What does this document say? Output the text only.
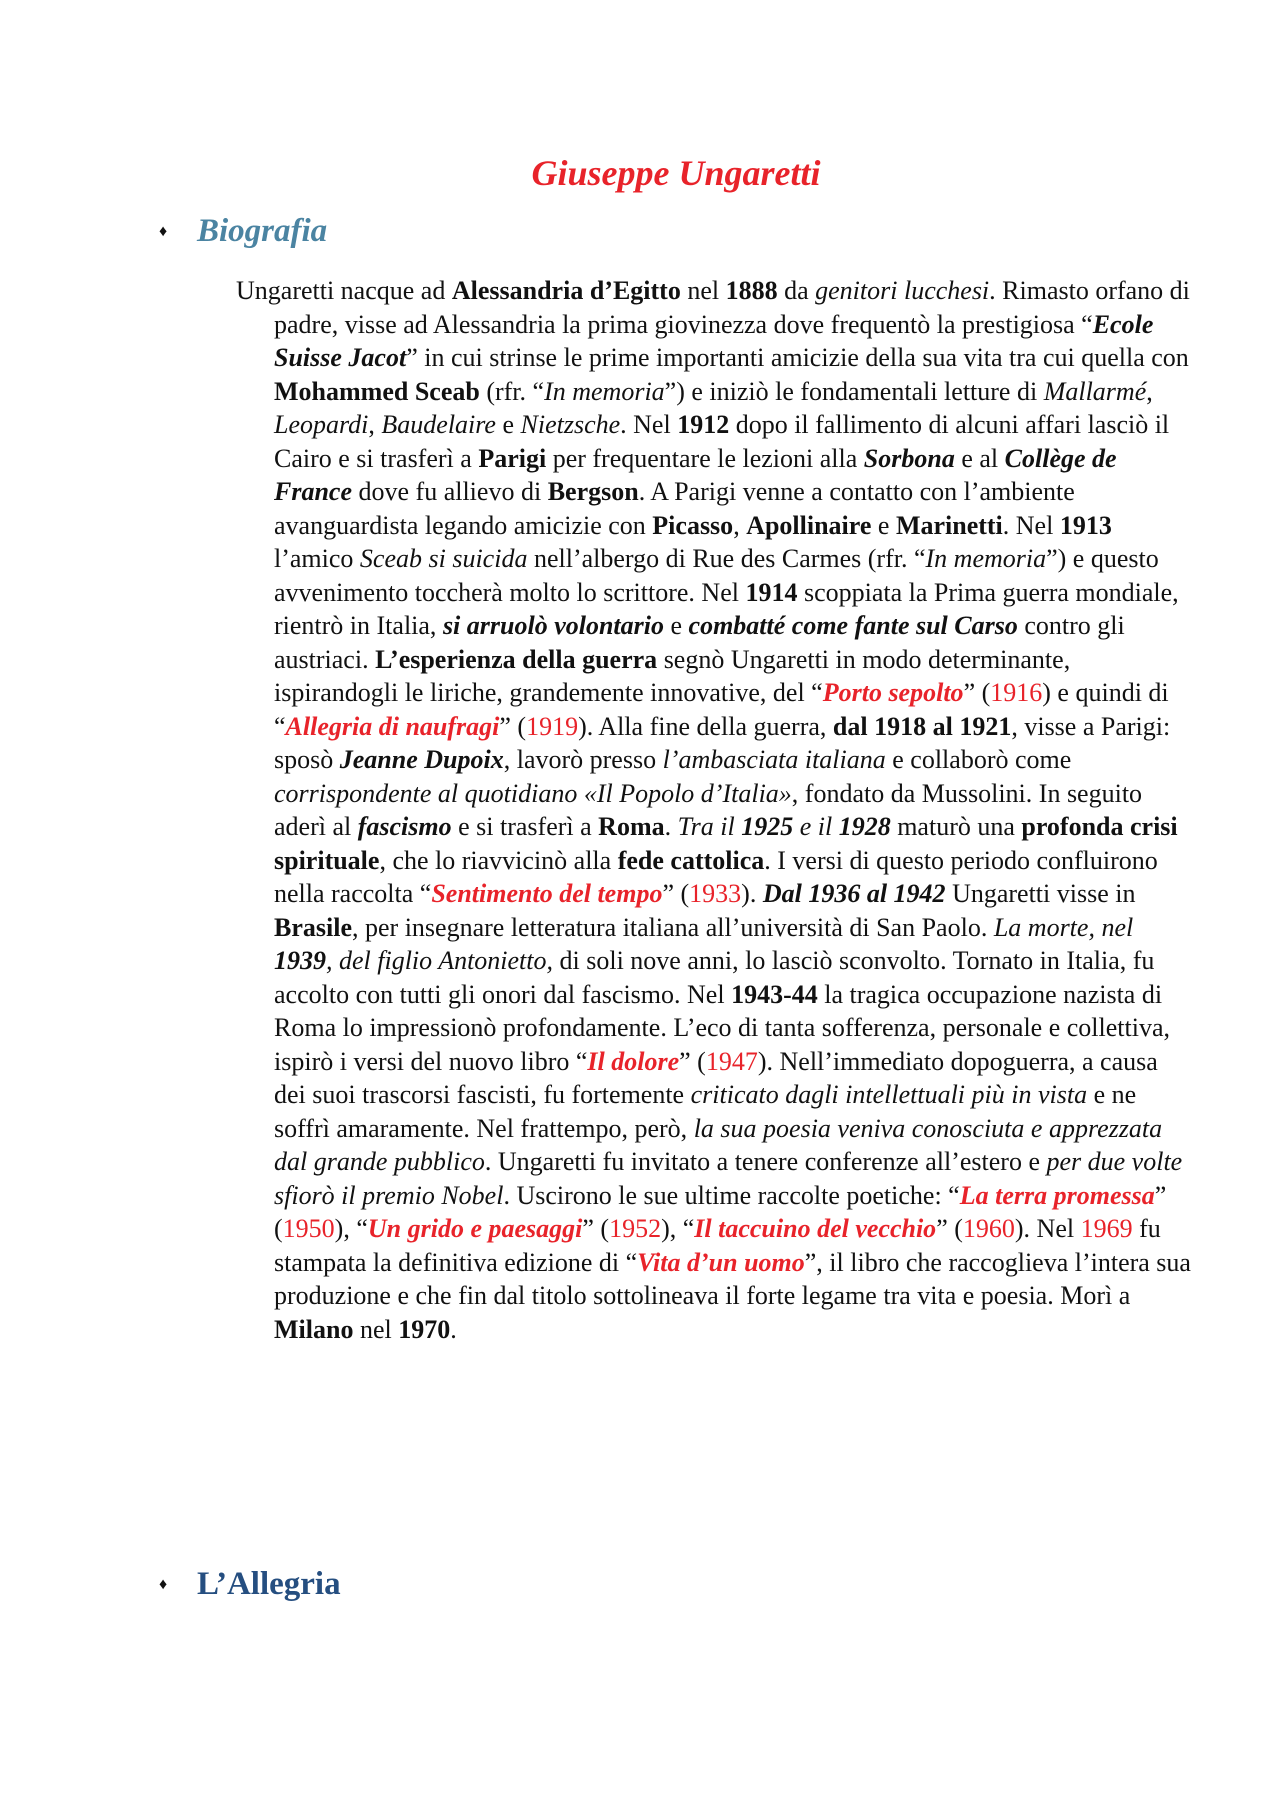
Giuseppe Ungaretti
♦ Biografia

Ungaretti nacque ad Alessandria d’Egitto nel 1888 da genitori lucchesi. Rimasto orfano di padre, visse ad Alessandria la prima giovinezza dove frequentò la prestigiosa “Ecole Suisse Jacot” in cui strinse le prime importanti amicizie della sua vita tra cui quella con Mohammed Sceab (rfr. “In memoria”) e iniziò le fondamentali letture di Mallarmé, Leopardi, Baudelaire e Nietzsche. Nel 1912 dopo il fallimento di alcuni affari lasciò il Cairo e si trasferì a Parigi per frequentare le lezioni alla Sorbona e al Collège de France dove fu allievo di Bergson. A Parigi venne a contatto con l’ambiente avanguardista legando amicizie con Picasso, Apollinaire e Marinetti. Nel 1913 l’amico Sceab si suicida nell’albergo di Rue des Carmes (rfr. “In memoria”) e questo avvenimento toccherà molto lo scrittore. Nel 1914 scoppiata la Prima guerra mondiale, rientrò in Italia, si arruolò volontario e combatté come fante sul Carso contro gli austriaci. L’esperienza della guerra segnò Ungaretti in modo determinante, ispirandogli le liriche, grandemente innovative, del “Porto sepolto” (1916) e quindi di “Allegria di naufragi” (1919). Alla fine della guerra, dal 1918 al 1921, visse a Parigi: sposò Jeanne Dupoix, lavorò presso l’ambasciata italiana e collaborò come corrispondente al quotidiano «Il Popolo d’Italia», fondato da Mussolini. In seguito aderì al fascismo e si trasferì a Roma. Tra il 1925 e il 1928 maturò una profonda crisi spirituale, che lo riavvicinò alla fede cattolica. I versi di questo periodo confluirono nella raccolta “Sentimento del tempo” (1933). Dal 1936 al 1942 Ungaretti visse in Brasile, per insegnare letteratura italiana all’università di San Paolo. La morte, nel 1939, del figlio Antonietto, di soli nove anni, lo lasciò sconvolto. Tornato in Italia, fu accolto con tutti gli onori dal fascismo. Nel 1943-44 la tragica occupazione nazista di Roma lo impressionò profondamente. L’eco di tanta sofferenza, personale e collettiva, ispirò i versi del nuovo libro “Il dolore” (1947). Nell’immediato dopoguerra, a causa dei suoi trascorsi fascisti, fu fortemente criticato dagli intellettuali più in vista e ne soffrì amaramente. Nel frattempo, però, la sua poesia veniva conosciuta e apprezzata dal grande pubblico. Ungaretti fu invitato a tenere conferenze all’estero e per due volte sfiorò il premio Nobel. Uscirono le sue ultime raccolte poetiche: “La terra promessa” (1950), “Un grido e paesaggi” (1952), “Il taccuino del vecchio” (1960). Nel 1969 fu stampata la definitiva edizione di “Vita d’un uomo”, il libro che raccoglieva l’intera sua produzione e che fin dal titolo sottolineava il forte legame tra vita e poesia. Morì a Milano nel 1970.

♦ L’Allegria
